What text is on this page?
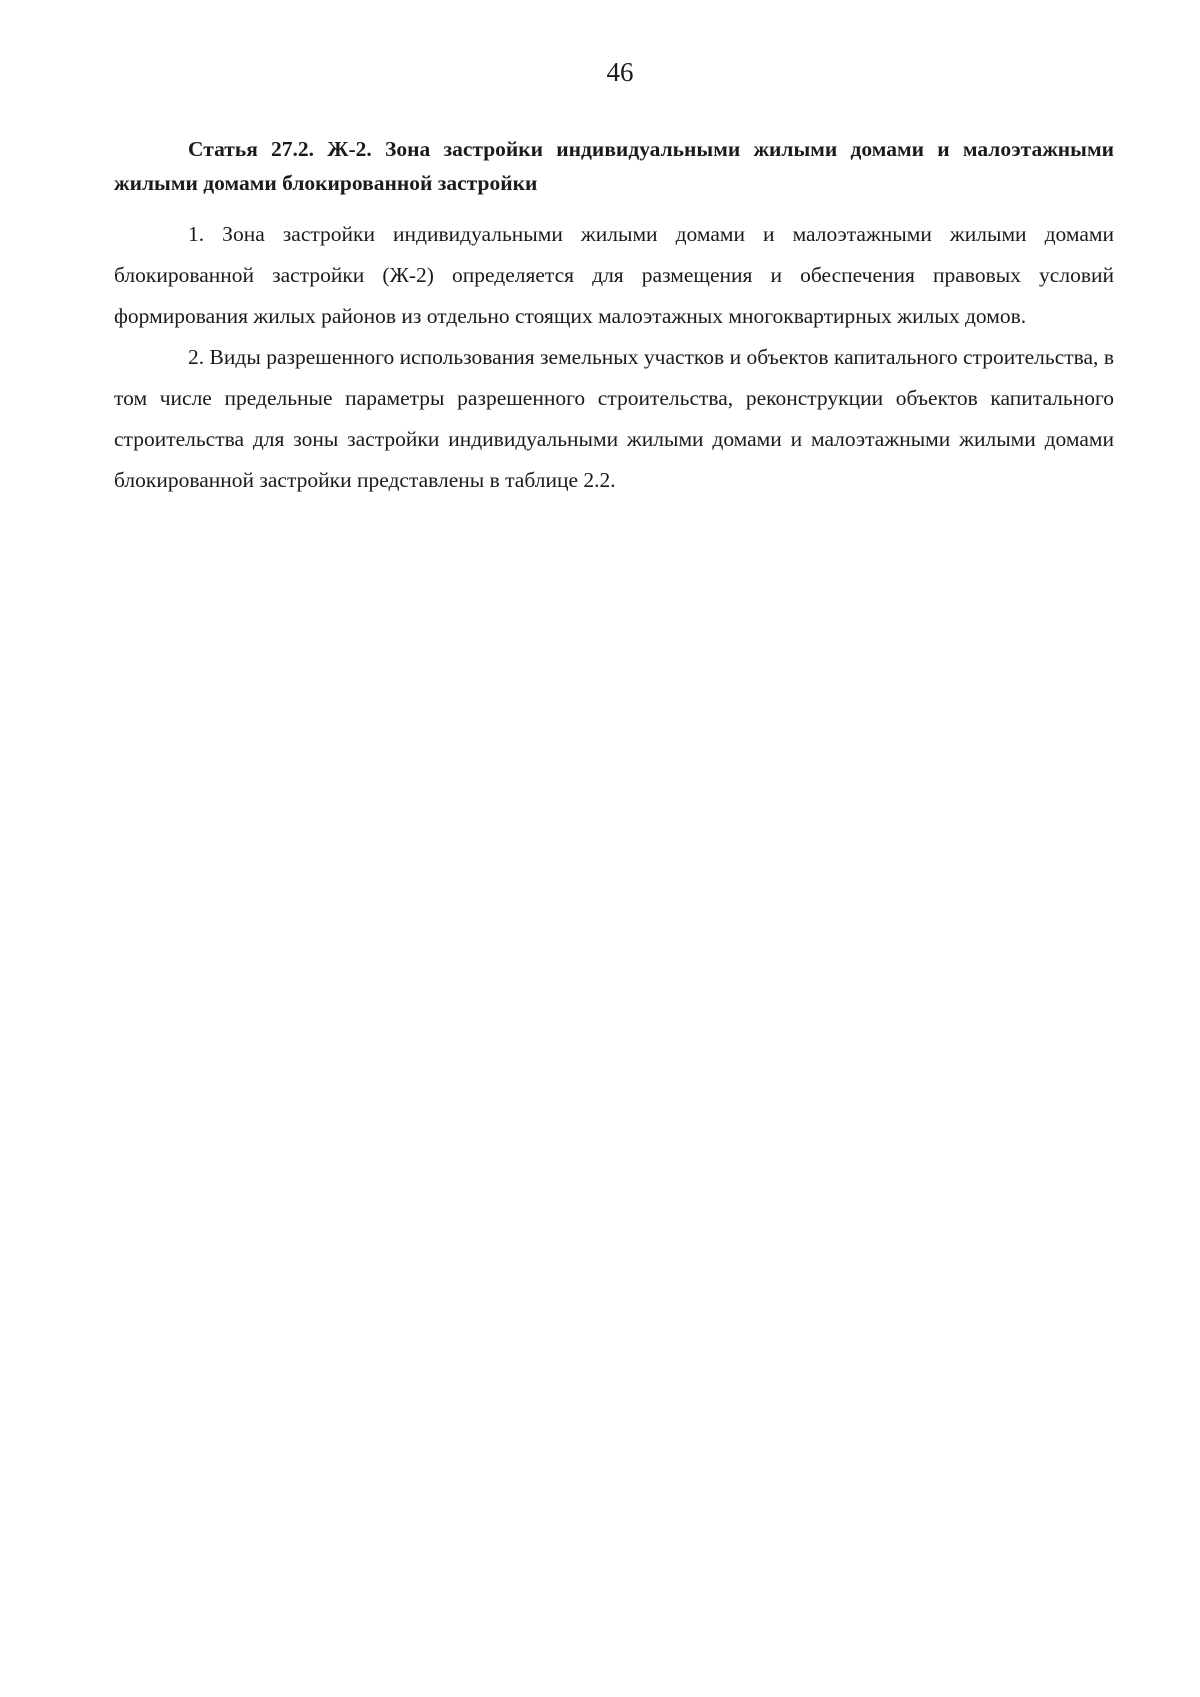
46
Статья 27.2. Ж-2. Зона застройки индивидуальными жилыми домами и малоэтажными жилыми домами блокированной застройки

1. Зона застройки индивидуальными жилыми домами и малоэтажными жилыми домами блокированной застройки (Ж-2) определяется для размещения и обеспечения правовых условий формирования жилых районов из отдельно стоящих малоэтажных многоквартирных жилых домов.

2. Виды разрешенного использования земельных участков и объектов капитального строительства, в том числе предельные параметры разрешенного строительства, реконструкции объектов капитального строительства для зоны застройки индивидуальными жилыми домами и малоэтажными жилыми домами блокированной застройки представлены в таблице 2.2.
